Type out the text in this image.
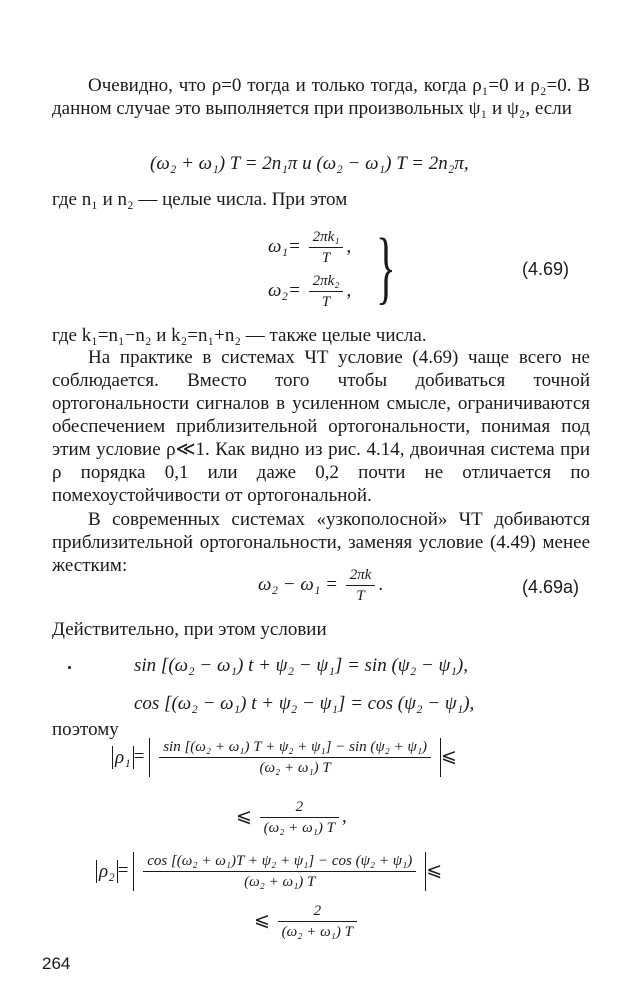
Очевидно, что ρ=0 тогда и только тогда, когда ρ₁=0 и ρ₂=0. В данном случае это выполняется при произвольных ψ₁ и ψ₂, если
(ω₂ + ω₁) T = 2n₁π и (ω₂ − ω₁) T = 2n₂π,
где n₁ и n₂ — целые числа. При этом
$\omega_1= \frac{\text{2πk₁}}{T}$ ,
$\omega_2= \frac{\text{2πk₂}}{T}$ , }	(4.69)
где k₁=n₁−n₂ и k₂=n₁+n₂ — также целые числа.
На практике в системах ЧТ условие (4.69) чаще всего не соблюдается. Вместо того чтобы добиваться точной ортогональности сигналов в усиленном смысле, ограничиваются обеспечением приблизительной ортогональности, понимая под этим условие ρ≪1. Как видно из рис. 4.14, двоичная система при ρ порядка 0,1 или даже 0,2 почти не отличается по помехоустойчивости от ортогональной.
В современных системах «узкополосной» ЧТ добиваются приблизительной ортогональности, заменяя условие (4.49) менее жестким:
$\omega_2 - \omega_1 = \frac{2\pi k}{T}$ .	(4.69a)
Действительно, при этом условии
sin [(ω₂ − ω₁) t + ψ₂ − ψ₁] = sin (ψ₂ − ψ₁),
cos [(ω₂ − ω₁) t + ψ₂ − ψ₁] = cos (ψ₂ − ψ₁),
поэтому
$\rho_1 = \frac{\text{sin [(ω₂ + ω₁) T + ψ₂ + ψ₁] − sin (ψ₂ + ψ₁)}}{\text{(ω₂ + ω₁) T}}$ ⩽
⩽ $\frac{2}{\text{(ω₂ + ω₁) T}}$ ,
$\rho_2 = \frac{\text{cos [(ω₂ + ω₁)T + ψ₂ + ψ₁] − cos (ψ₂ + ψ₁)}}{\text{(ω₂ + ω₁) T}}$ ⩽
⩽ $\frac{2}{\text{(ω₂ + ω₁) T}}$
264
